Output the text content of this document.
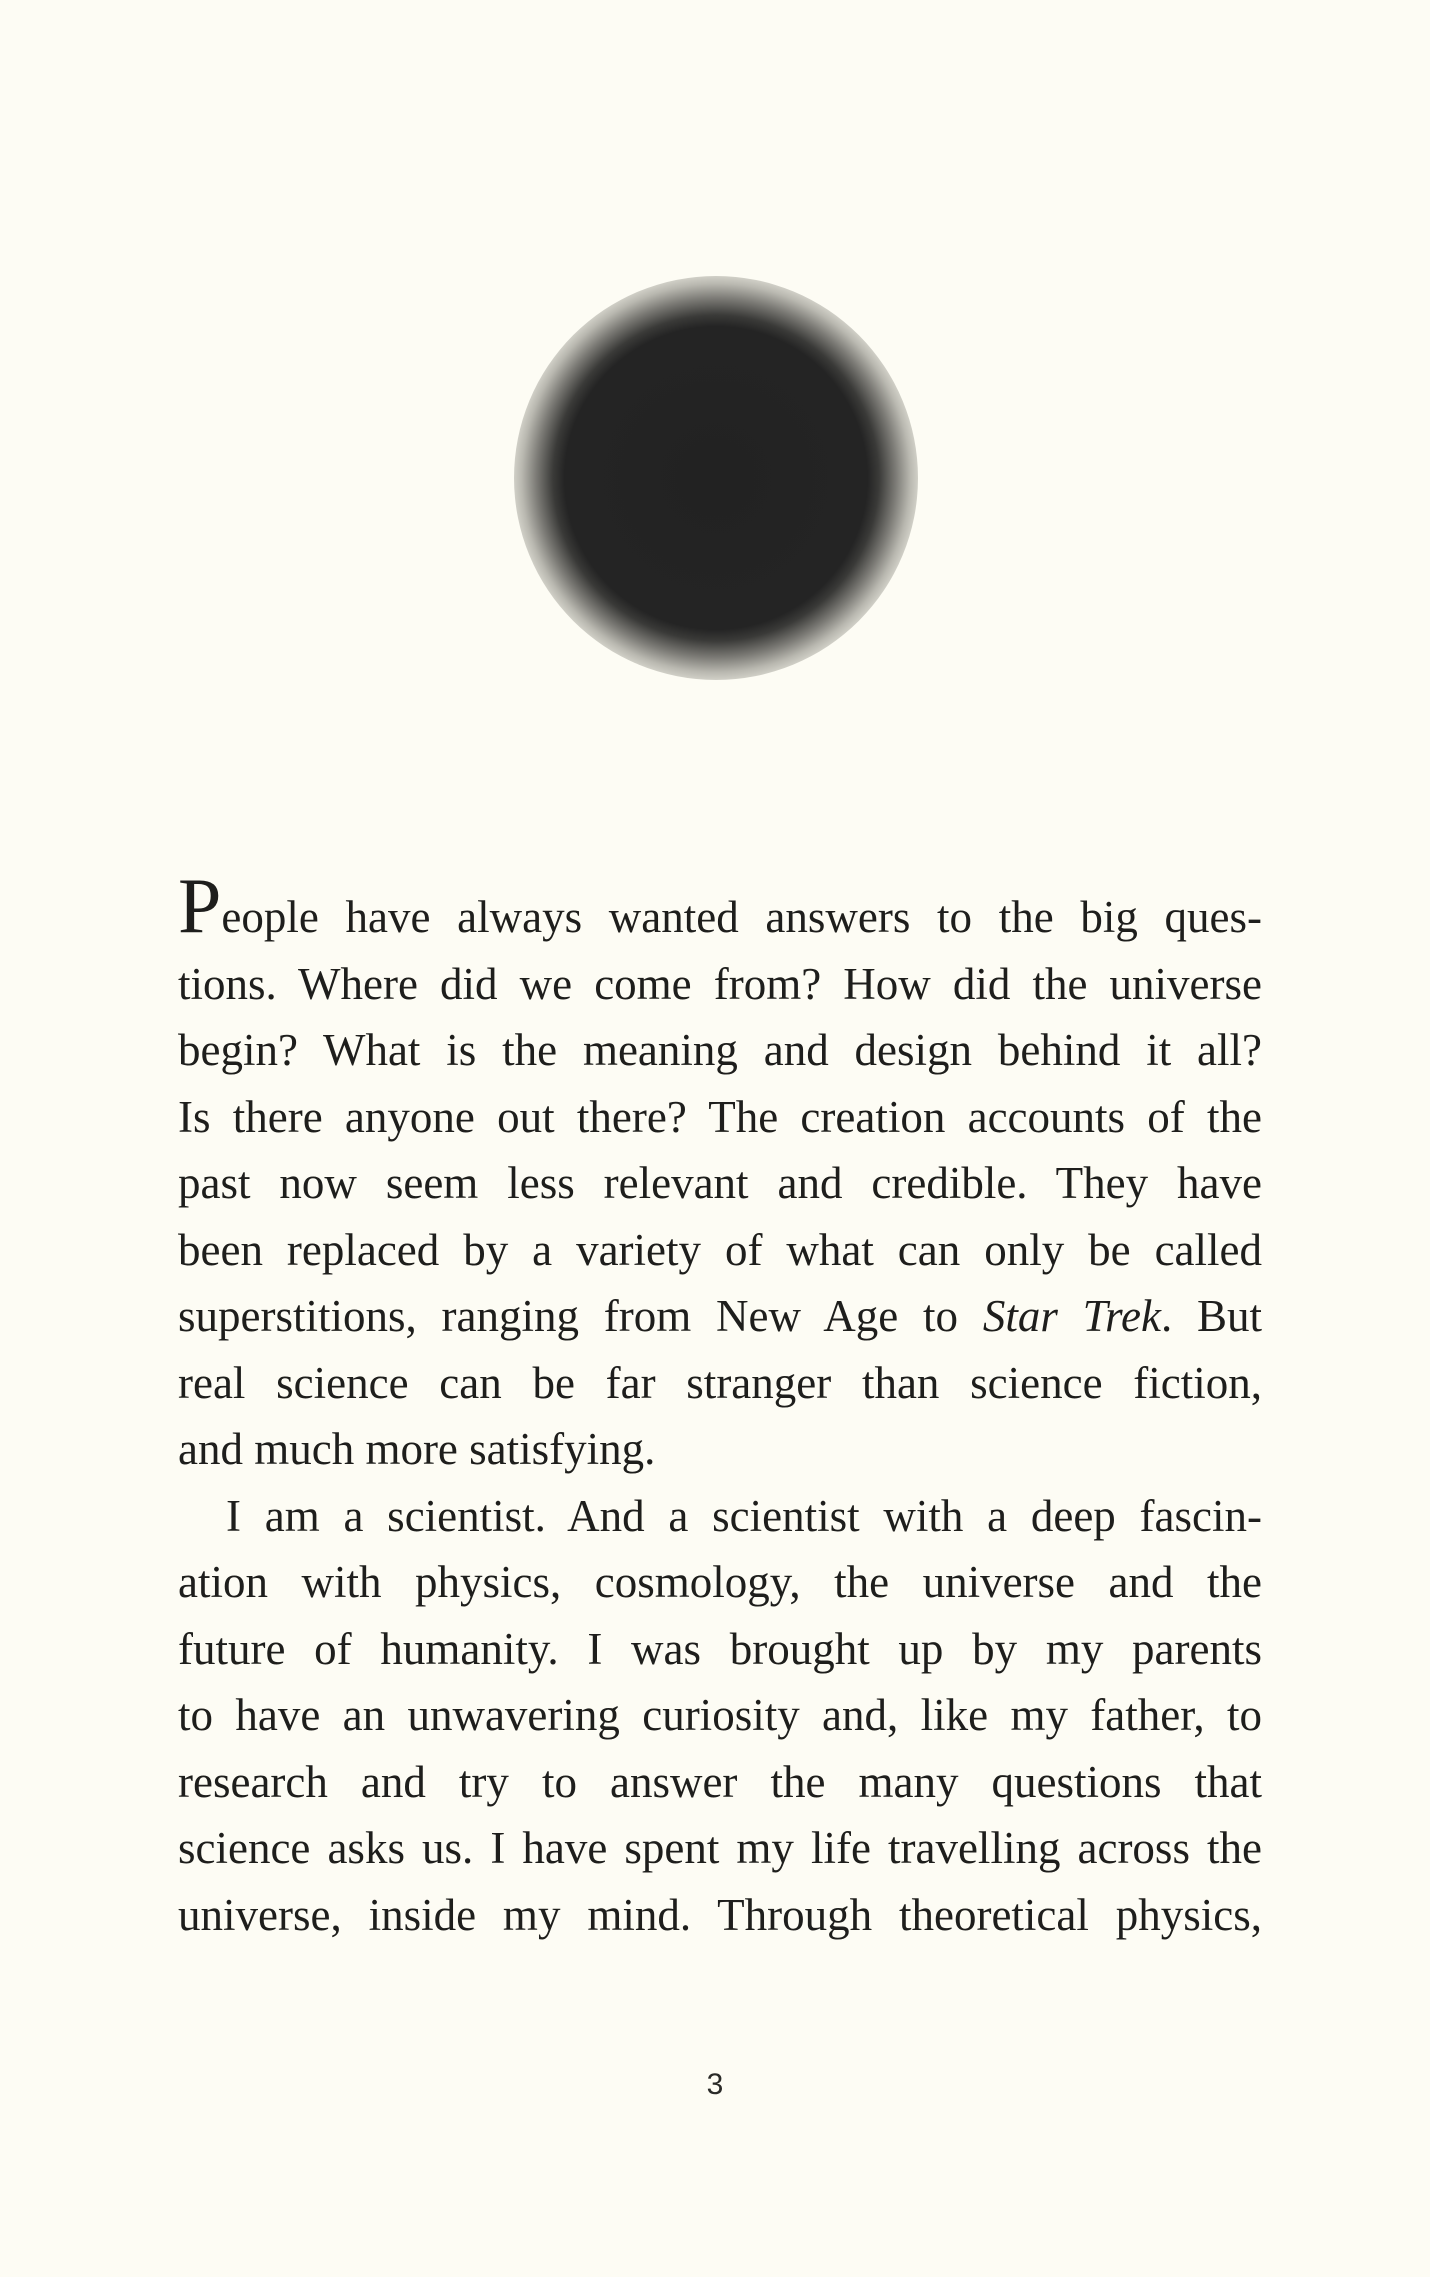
People have always wanted answers to the big ques-
tions. Where did we come from? How did the universe
begin? What is the meaning and design behind it all?
Is there anyone out there? The creation accounts of the
past now seem less relevant and credible. They have
been replaced by a variety of what can only be called
superstitions, ranging from New Age to Star Trek. But
real science can be far stranger than science fiction,
and much more satisfying.
I am a scientist. And a scientist with a deep fascin-
ation with physics, cosmology, the universe and the
future of humanity. I was brought up by my parents
to have an unwavering curiosity and, like my father, to
research and try to answer the many questions that
science asks us. I have spent my life travelling across the
universe, inside my mind. Through theoretical physics,
3
